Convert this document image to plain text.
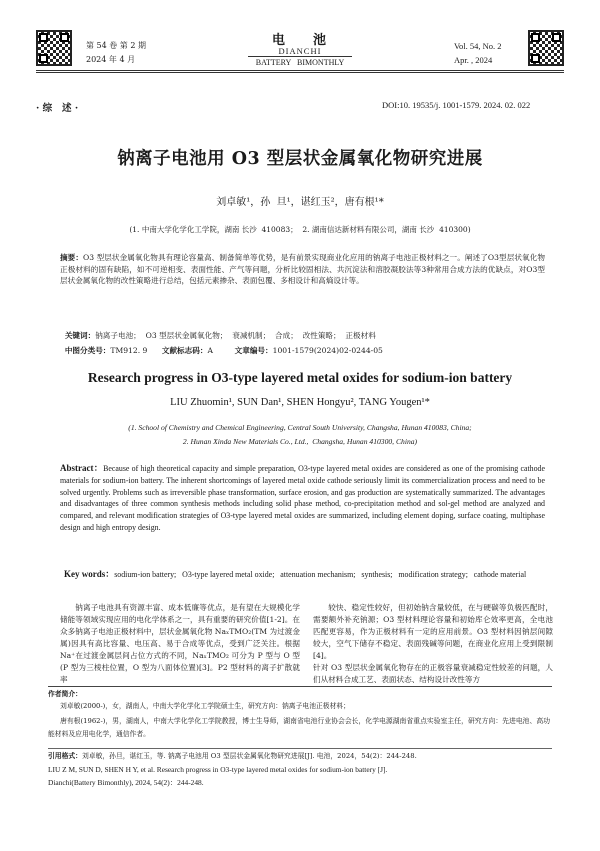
第 54 卷 第 2 期
2024 年 4 月
电    池
DIANCHI
BATTERY   BIMONTHLY
Vol. 54, No. 2
Apr. , 2024
· 综   述 ·	DOI:10. 19535/j. 1001-1579. 2024. 02. 022
钠离子电池用 O3 型层状金属氧化物研究进展
刘卓敏¹，孙  旦¹，谌红玉²，唐有根¹*
(1. 中南大学化学化工学院，湖南 长沙  410083；  2. 湖南信达新材料有限公司，湖南 长沙  410300)
摘要：O3 型层状金属氧化物具有理论容量高、制备简单等优势，是有前景实现商业化应用的钠离子电池正极材料之一。阐述了O3型层状氧化物正极材料的固有缺陷，如不可逆相变、表面性能、产气等问题，分析比较固相法、共沉淀法和溶胶凝胶法等3种常用合成方法的优缺点，对O3型层状金属氧化物的改性策略进行总结，包括元素掺杂、表面包覆、多相设计和高熵设计等。

关键词：钠离子电池；  O3 型层状金属氧化物；  衰减机制；  合成；  改性策略；  正极材料

中图分类号：TM912. 9 文献标志码：A	文章编号：1001-1579(2024)02-0244-05

Research progress in O3-type layered metal oxides for sodium-ion battery
LIU Zhuomin¹, SUN Dan¹, SHEN Hongyu², TANG Yougen¹*
(1. School of Chemistry and Chemical Engineering, Central South University, Changsha, Hunan 410083, China;
2. Hunan Xinda New Materials Co., Ltd.,  Changsha, Hunan 410300, China)
Abstract：Because of high theoretical capacity and simple preparation, O3-type layered metal oxides are considered as one of the promising cathode materials for sodium-ion battery. The inherent shortcomings of layered metal oxide cathode seriously limit its commercialization process and need to be solved urgently. Problems such as irreversible phase transformation, surface erosion, and gas production are systematically summarized. The advantages and disadvantages of three common synthesis methods including solid phase method, co-precipitation method and sol-gel method are analyzed and compared, and relevant modification strategies of O3-type layered metal oxides are summarized, including element doping, surface coating, multiphase design and high entropy design.

Key words：sodium-ion battery;   O3-type layered metal oxide;   attenuation mechanism;   synthesis;   modification strategy;   cathode material

钠离子电池具有资源丰富、成本低廉等优点，是有望在大规模化学储能等领域实现应用的电化学体系之一，具有重要的研究价值[1-2]。在众多钠离子电池正极材料中，层状金属氧化物 NaₓTMO₂(TM 为过渡金属)因具有高比容量、电压高、易于合成等优点，受到广泛关注。根据 Na⁺在过渡金属层间占位方式的不同，NaₓTMO₂ 可分为 P 型与 O 型(P 型为三棱柱位置，O 型为八面体位置)[3]。P2 型材料的离子扩散就率
较快、稳定性较好，但初始钠含量较低，在与硬碳等负极匹配时，需要额外补充钠源；O3 型材料理论容量和初始库仑效率更高，全电池匹配更容易，作为正极材料有一定的应用前景。O3 型材料因钠层间隙较大，空气下储存不稳定、表面残碱等问题，在商业化应用上受到限制[4]。
针对 O3 型层状金属氧化物存在的正极容量衰减稳定性较差的问题，人们从材料合成工艺、表面状态、结构设计改性等方
作者简介：
刘卓敏(2000-)，女，湖南人，中南大学化学化工学院硕士生，研究方向：钠离子电池正极材料；
唐有根(1962-)，男，湖南人，中南大学化学化工学院教授，博士生导师，湖南省电池行业协会会长，化学电源湖南省重点实验室主任，研究方向：先进电池、高功能材料及应用电化学，通信作者。
引用格式：刘卓敏，孙旦，谌红玉，等. 钠离子电池用 O3 型层状金属氧化物研究进展[J]. 电池，2024，54(2)：244-248.
LIU Z M, SUN D, SHEN H Y, et al. Research progress in O3-type layered metal oxides for sodium-ion battery [J].
Dianchi(Battery Bimonthly), 2024, 54(2)：244-248.
